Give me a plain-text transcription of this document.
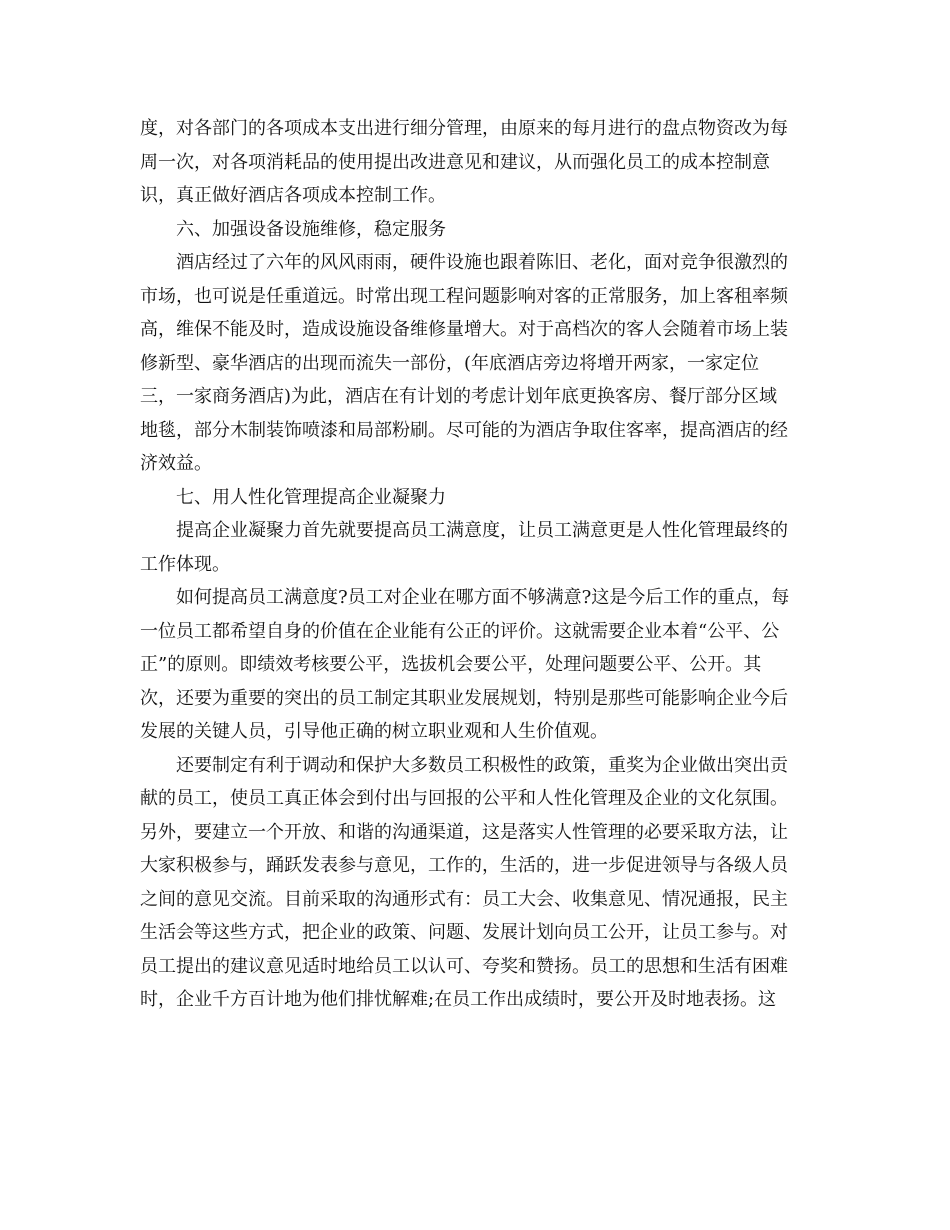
度，对各部门的各项成本支出进行细分管理，由原来的每月进行的盘点物资改为每
周一次，对各项消耗品的使用提出改进意见和建议，从而强化员工的成本控制意
识，真正做好酒店各项成本控制工作。
六、加强设备设施维修，稳定服务
酒店经过了六年的风风雨雨，硬件设施也跟着陈旧、老化，面对竞争很激烈的
市场，也可说是任重道远。时常出现工程问题影响对客的正常服务，加上客租率频
高，维保不能及时，造成设施设备维修量增大。对于高档次的客人会随着市场上装
修新型、豪华酒店的出现而流失一部份，(年底酒店旁边将增开两家，一家定位
三，一家商务酒店)为此，酒店在有计划的考虑计划年底更换客房、餐厅部分区域
地毯，部分木制装饰喷漆和局部粉刷。尽可能的为酒店争取住客率，提高酒店的经
济效益。
七、用人性化管理提高企业凝聚力
提高企业凝聚力首先就要提高员工满意度，让员工满意更是人性化管理最终的
工作体现。
如何提高员工满意度?员工对企业在哪方面不够满意?这是今后工作的重点，每
一位员工都希望自身的价值在企业能有公正的评价。这就需要企业本着“公平、公
正”的原则。即绩效考核要公平，选拔机会要公平，处理问题要公平、公开。其
次，还要为重要的突出的员工制定其职业发展规划，特别是那些可能影响企业今后
发展的关键人员，引导他正确的树立职业观和人生价值观。
还要制定有利于调动和保护大多数员工积极性的政策，重奖为企业做出突出贡
献的员工，使员工真正体会到付出与回报的公平和人性化管理及企业的文化氛围。
另外，要建立一个开放、和谐的沟通渠道，这是落实人性管理的必要采取方法，让
大家积极参与，踊跃发表参与意见，工作的，生活的，进一步促进领导与各级人员
之间的意见交流。目前采取的沟通形式有：员工大会、收集意见、情况通报，民主
生活会等这些方式，把企业的政策、问题、发展计划向员工公开，让员工参与。对
员工提出的建议意见适时地给员工以认可、夸奖和赞扬。员工的思想和生活有困难
时，企业千方百计地为他们排忧解难;在员工作出成绩时，要公开及时地表扬。这
